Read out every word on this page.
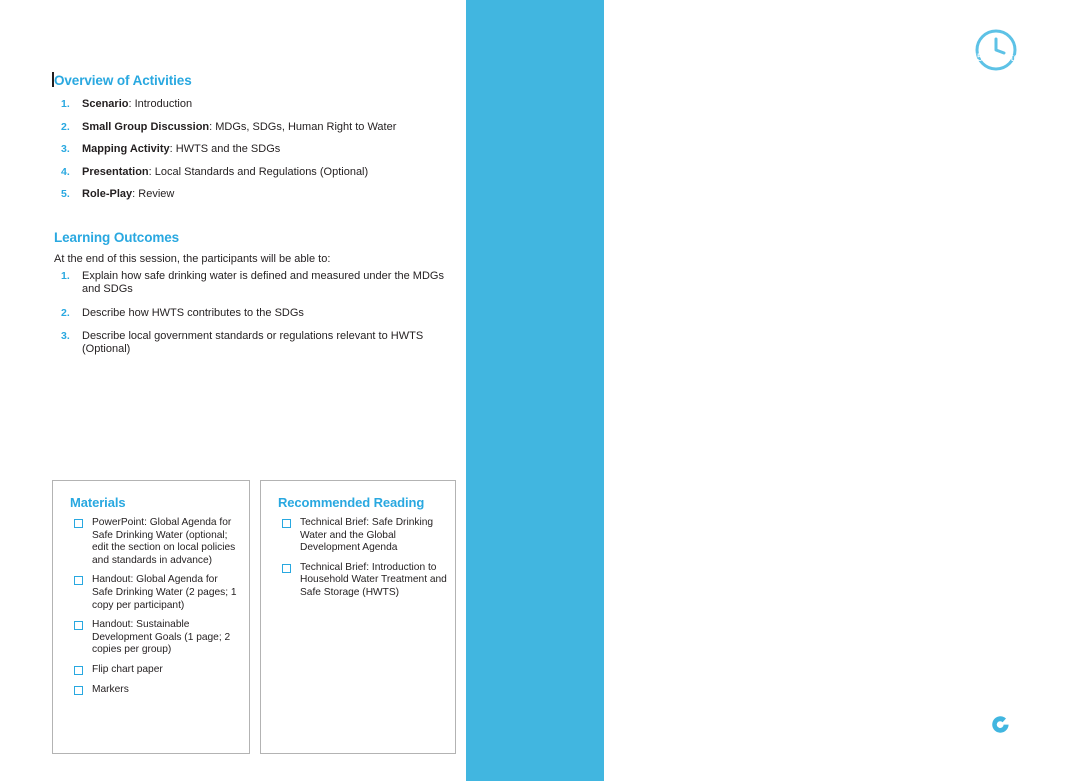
Overview of Activities
1. Scenario: Introduction
2. Small Group Discussion: MDGs, SDGs, Human Right to Water
3. Mapping Activity: HWTS and the SDGs
4. Presentation: Local Standards and Regulations (Optional)
5. Role-Play: Review
Learning Outcomes
At the end of this session, the participants will be able to:
1. Explain how safe drinking water is defined and measured under the MDGs and SDGs
2. Describe how HWTS contributes to the SDGs
3. Describe local government standards or regulations relevant to HWTS (Optional)
Materials
PowerPoint: Global Agenda for Safe Drinking Water (optional; edit the section on local policies and standards in advance)
Handout: Global Agenda for Safe Drinking Water (2 pages; 1 copy per participant)
Handout: Sustainable Development Goals (1 page; 2 copies per group)
Flip chart paper
Markers
Recommended Reading
Technical Brief: Safe Drinking Water and the Global Development Agenda
Technical Brief: Introduction to Household Water Treatment and Safe Storage (HWTS)
65–75 minutes total
Lesson Plan Global Agenda for Safe Drinking Water
CAWST
